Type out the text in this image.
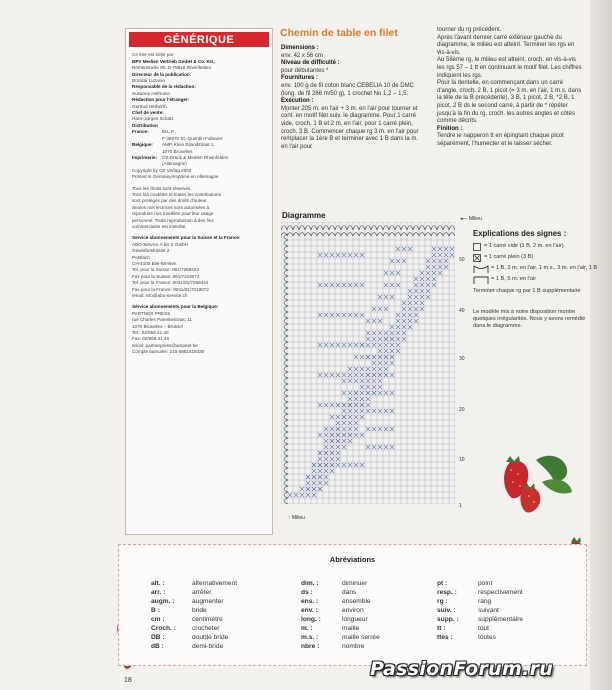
GÉNÉRIQUE
Ce titre est édité par
BPV Medien Vertrieb GmbH & Co. KG,
Römerstraße 90, D-79618 Rheinfelden
Directeur de la publication:
Bozidar Luzanin
Responsable de la rédaction:
Susanne Hofmann
Rédaction pour l'étranger:
Gertrud Herberth
Chef de vente:
Hans-Jürgen Schatz
Distribution
France:	M.L.P.,
F-38070 St.-Quentin-Fallavier
Belgique:	AMP, Klein Eilandstraat 1,
1070 Bruxelles
Imprimerie:	OZ-Druck & Medien Rheinfelden
(Allemagne)
Copyright by OZ Verlag 2003
Printed in Germany/Imprimé en Allemagne
Tous les droits sont réservés.
Tous les modèles et toutes les contributions
sont protégés par des droits d'auteur.
Seules nos lectrices sont autorisées à
reproduire nos modèles pour leur usage
personnel. Toute reproduction à des fins
commerciales est interdite.
Service abonnements pour la Suisse et la France:
ABO-Service A bis Z GmbH
Gewerbestrasse 2
Postfach
CH-4105 Biel-Benken
Tel. pour la Suisse: 061/7269444
Fax pour la Suisse: 061/7219072
Tel. pour la France: 0041/61/7269444
Fax pour la France: 0041/61/7219072
email: info@abo-service.ch
Service abonnements pour la Belgique:
PARTNER PRESS
rue Charles Parentestraat, 11
1070 Bruxelles – Brussel
Tel.: 02/556.41.40
Fax: 02/556.41.46
email: partnerpress@ampnet.be
Compte bancaire: 210-0981618330
Chemin de table en filet
Dimensions :
env. 42 x 56 cm
Niveau de difficulté :
pour débutantes *
Fournitures :
env. 100 g de fil coton blanc CEBELIA 10 de DMC (long. de fil 266 m/50 g), 1 crochet No 1,2 – 1,5.
Exécution :
Monter 205 m. en l'air + 3 m. en l'air pour tourner et cont. en motif filet suiv. le diagramme. Pour 1 carré vide, croch. 1 B et 2 m. en l'air, pour 1 carré plein, croch. 3 B. Commencer chaque rg 3 m. en l'air pour remplacer la 1ère B et terminer avec 1 B dans la m. en l'air pour
tourner du rg précédent.
Après l'avant dernier carré extérieur gauche du diagramme, le milieu est atteint. Terminer les rgs en vis-à-vis.
Au 58ème rg, le milieu est atteint, croch. en vis-à-vis les rgs 57 – 1 tt en continuant le motif filet. Les chiffres indiquent les rgs.
Pour la dentelle, en commençant dans un carré d'angle, croch. 2 B, 1 picot (= 3 m. en l'air, 1 m.s. dans la tête de la B précédente), 3 B, 1 picot, 2 B, *2 B, 1 picot, 2 B ds le second carré, à partir de * répéter jusqu'à la fin du rg, croch. les autres angles et côtés comme décrits.
Finition :
Tendre le napperon tt en épinglant chaque picot séparément, l'humecter et le laisser sécher.
Diagramme	◂— Milieu
↑ Milieu
50
40
30
20
10
1
Explications des signes :
= 1 carré vide (1 B, 2 m. en l'air)
= 1 carré plein (3 B)
= 1 B, 3 m. en l'air, 1 m.s., 3 m. en l'air, 1 B
= 1 B, 5 m. en l'air
Terminer chaque rg par 1 B supplémentaire
Le modèle mis à notre disposition montre quelques irrégularités. Nous y avons remédié dans le diagramme.
Abréviations
alt. :	alternativement
arr. :	arrêter
augm. :	augmenter
B :	bride
cm :	centimètre
Croch. :	crocheter
DB :	double bride
dB :	demi-bride
dim. :	diminuer
ds :	dans
ens. :	ensemble
env. :	environ
long. :	longueur
m. :	maille
m.s. :	maille serrée
nbre :	nombre
pt :	point
resp. :	respectivement
rg :	rang
suiv. :	suivant
supp. :	supplémentaire
tt :	tout
ttes :	toutes
18
PassionForum.ru
